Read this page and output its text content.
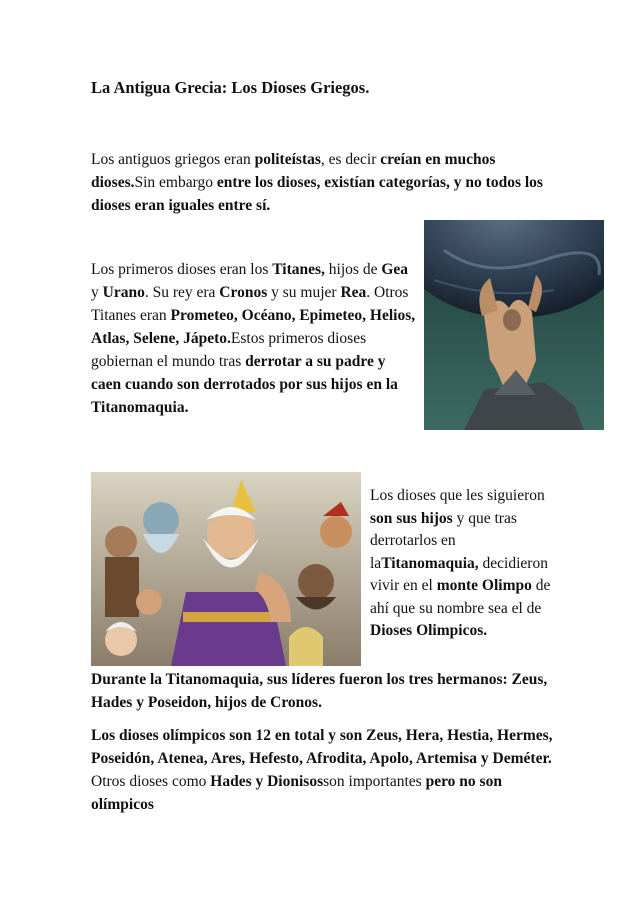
La Antigua Grecia: Los Dioses Griegos.
Los antiguos griegos eran politeístas, es decir creían en muchos dioses.Sin embargo entre los dioses, existían categorías, y no todos los dioses eran iguales entre sí.
Los primeros dioses eran los Titanes, hijos de Gea y Urano. Su rey era Cronos y su mujer Rea. Otros Titanes eran Prometeo, Océano, Epimeteo, Helios, Atlas, Selene, Jápeto.Estos primeros dioses gobiernan el mundo tras derrotar a su padre y caen cuando son derrotados por sus hijos en la Titanomaquia.
Los dioses que les siguieron son sus hijos y que tras derrotarlos en laTitanomaquia, decidieron vivir en el monte Olimpo de ahí que su nombre sea el de Dioses Olimpicos.
Durante la Titanomaquia, sus líderes fueron los tres hermanos: Zeus, Hades y Poseidon, hijos de Cronos.
Los dioses olímpicos son 12 en total y son Zeus, Hera, Hestia, Hermes, Poseidón, Atenea, Ares, Hefesto, Afrodita, Apolo, Artemisa y Deméter. Otros dioses como Hades y Dionisosson importantes pero no son olímpicos
